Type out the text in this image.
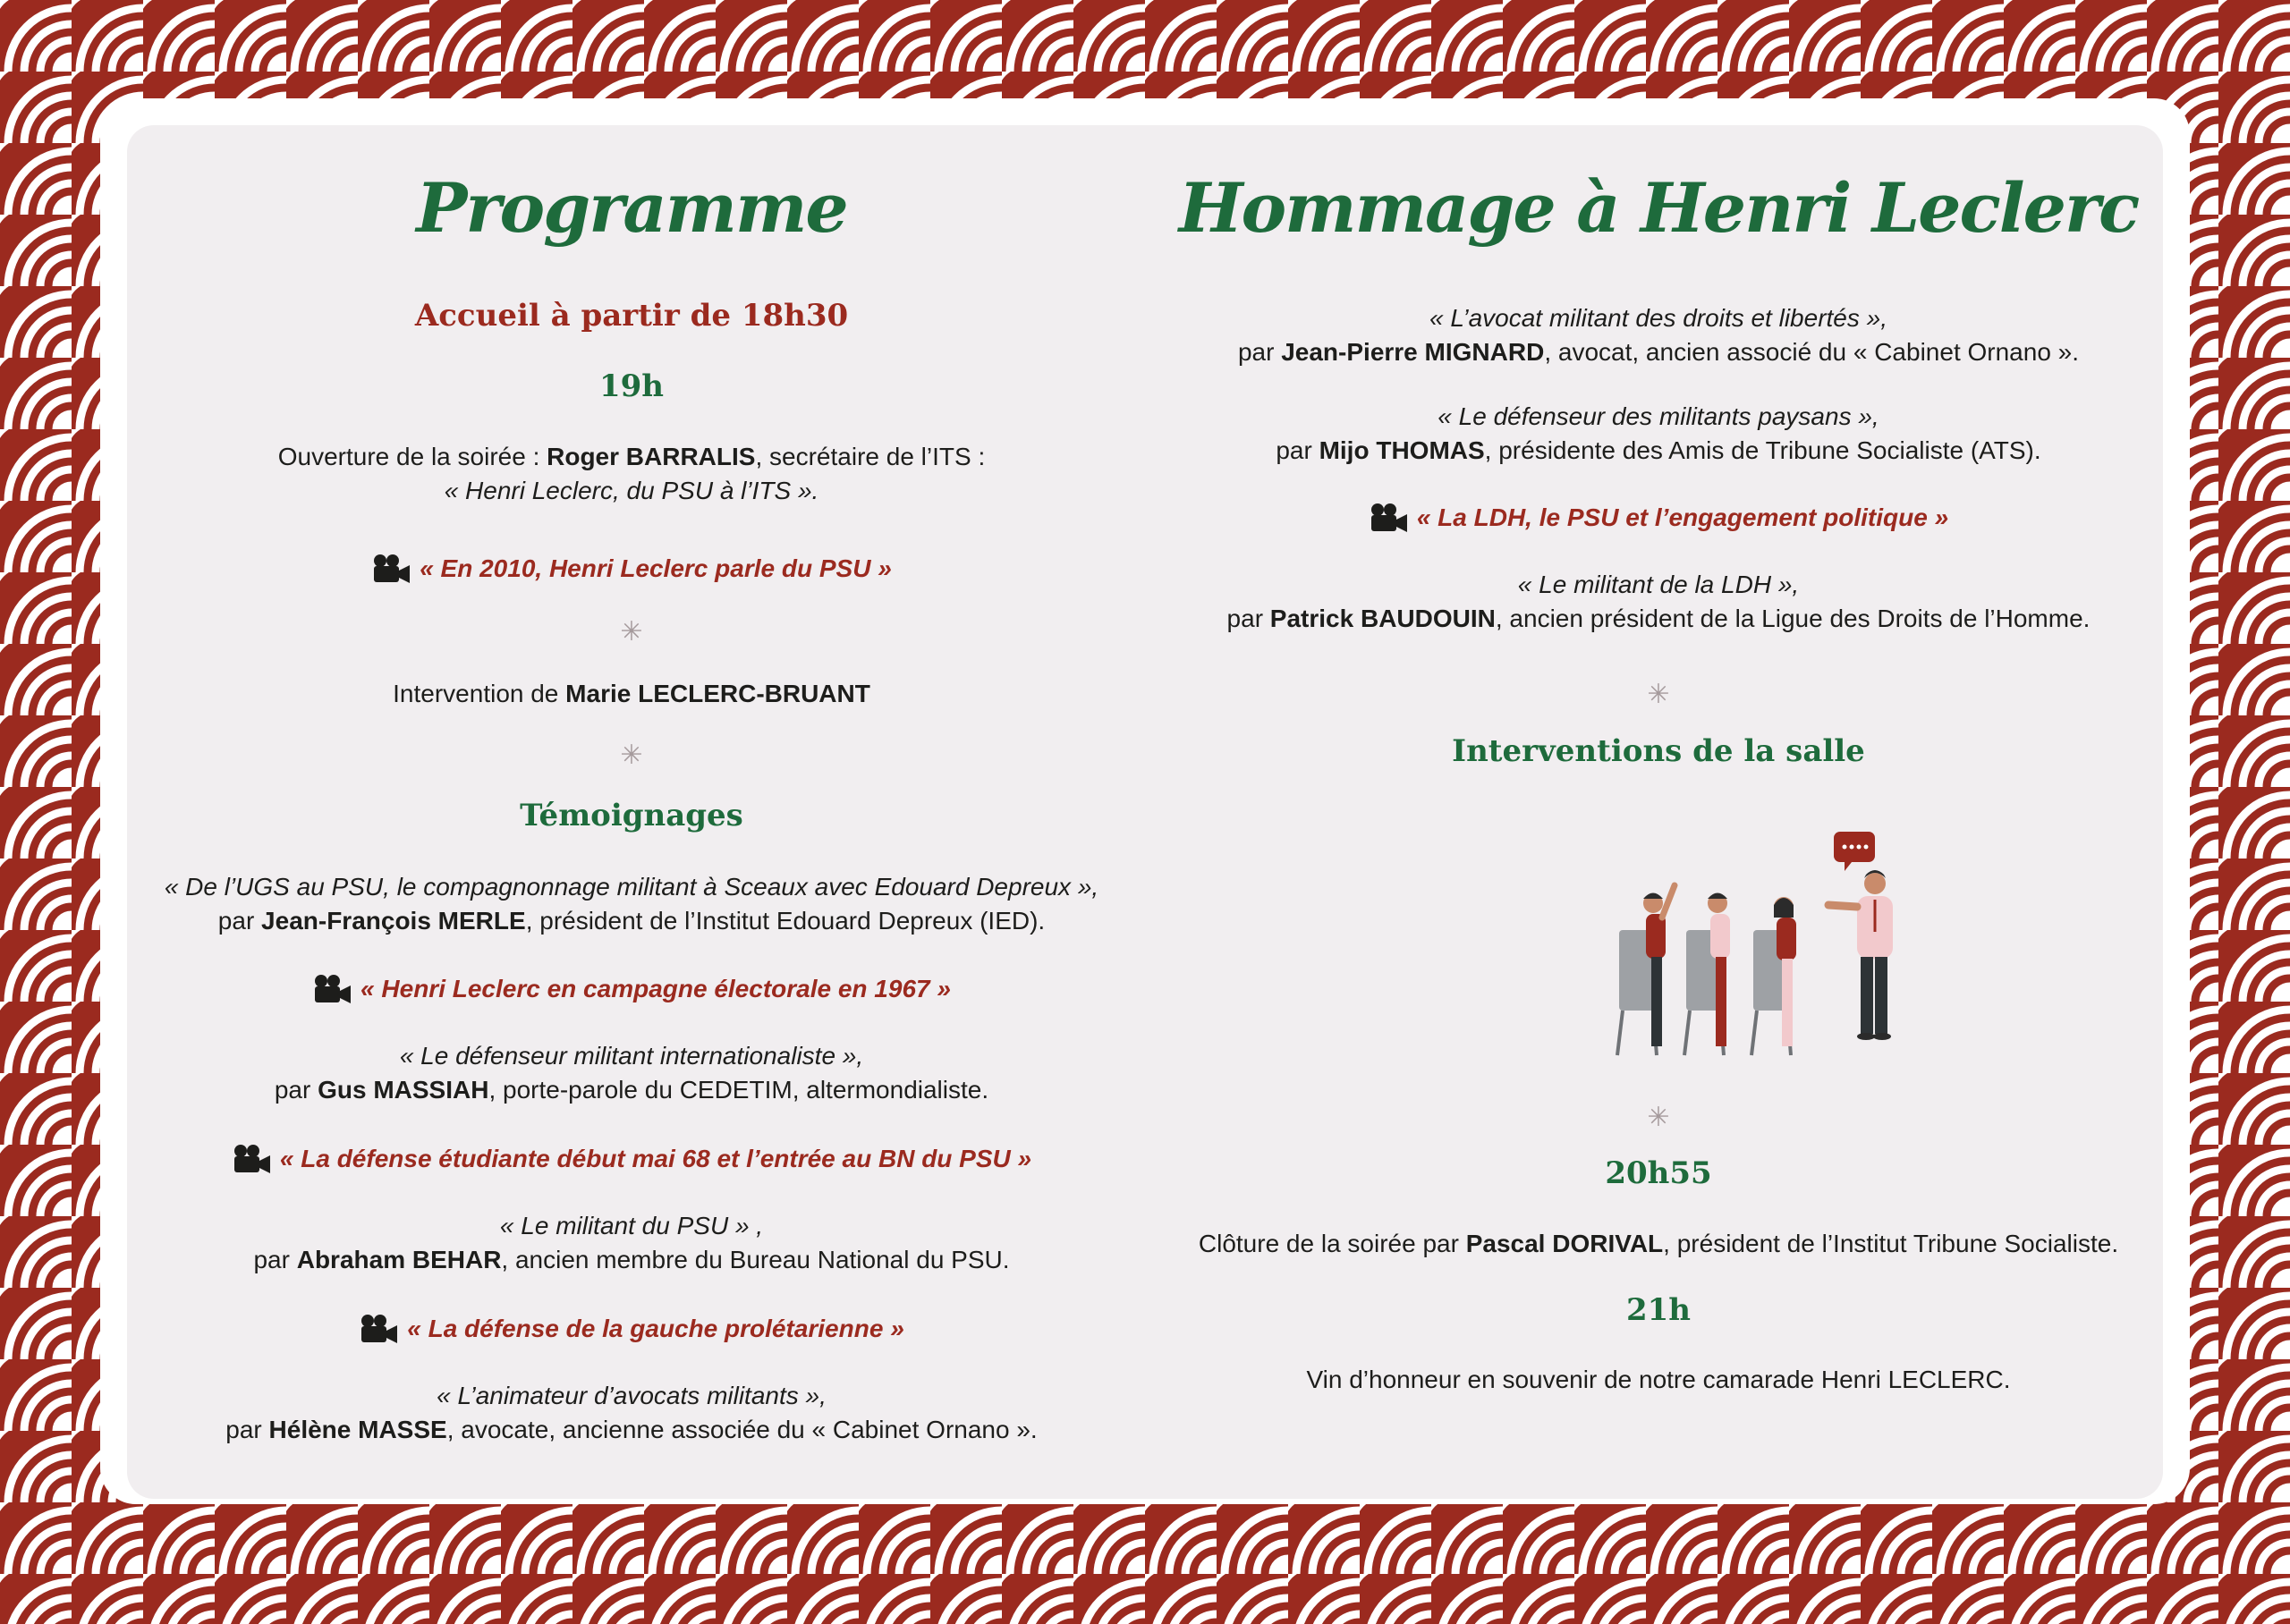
Programme
Accueil à partir de 18h30
19h
Ouverture de la soirée : Roger BARRALIS, secrétaire de l’ITS :
« Henri Leclerc, du PSU à l’ITS ».
« En 2010, Henri Leclerc parle du PSU »
✳
Intervention de Marie LECLERC-BRUANT
✳
Témoignages
« De l’UGS au PSU, le compagnonnage militant à Sceaux avec Edouard Depreux »,
par Jean-François MERLE, président de l’Institut Edouard Depreux (IED).
« Henri Leclerc en campagne électorale en 1967 »
« Le défenseur militant internationaliste »,
par Gus MASSIAH, porte-parole du CEDETIM, altermondialiste.
« La défense étudiante début mai 68 et l’entrée au BN du PSU »
« Le militant du PSU » ,
par Abraham BEHAR, ancien membre du Bureau National du PSU.
« La défense de la gauche prolétarienne »
« L’animateur d’avocats militants »,
par Hélène MASSE, avocate, ancienne associée du « Cabinet Ornano ».
Hommage à Henri Leclerc
« L’avocat militant des droits et libertés »,
par Jean-Pierre MIGNARD, avocat, ancien associé du « Cabinet Ornano ».
« Le défenseur des militants paysans »,
par Mijo THOMAS, présidente des Amis de Tribune Socialiste (ATS).
« La LDH, le PSU et l’engagement politique »
« Le militant de la LDH »,
par Patrick BAUDOUIN, ancien président de la Ligue des Droits de l’Homme.
✳
Interventions de la salle
✳
20h55
Clôture de la soirée par Pascal DORIVAL, président de l’Institut Tribune Socialiste.
21h
Vin d’honneur en souvenir de notre camarade Henri LECLERC.
